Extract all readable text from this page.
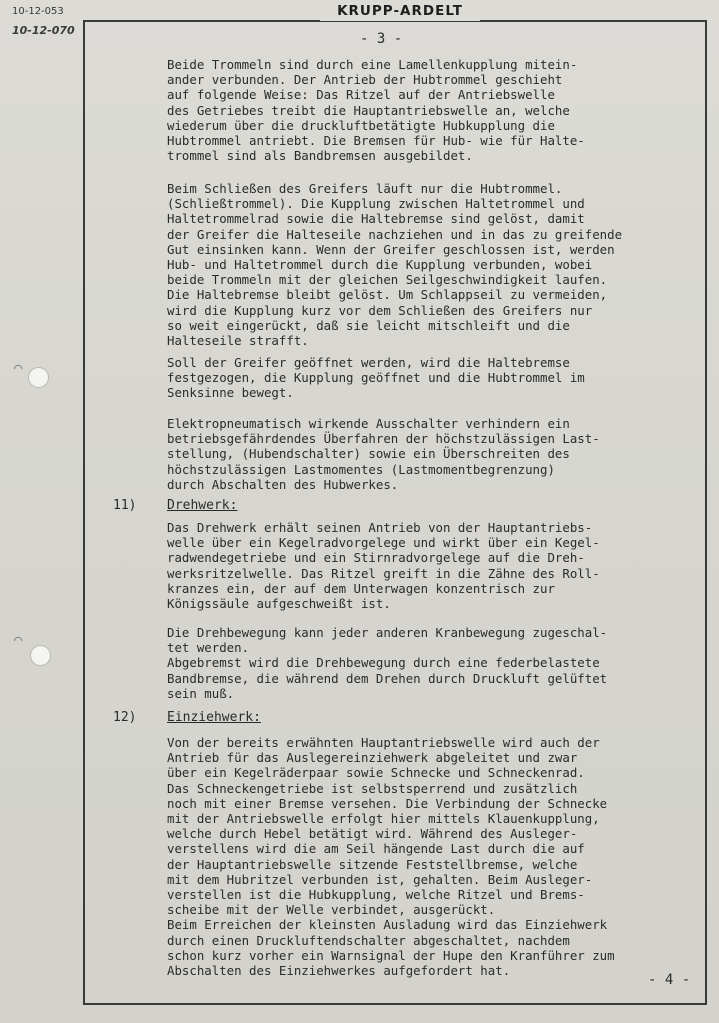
KRUPP-ARDELT
10-12-053
10-12-070
- 3 -
⌒
⌒
Beide Trommeln sind durch eine Lamellenkupplung mitein-
ander verbunden. Der Antrieb der Hubtrommel geschieht
auf folgende Weise: Das Ritzel auf der Antriebswelle
des Getriebes treibt die Hauptantriebswelle an, welche
wiederum über die druckluftbetätigte Hubkupplung die
Hubtrommel antriebt. Die Bremsen für Hub- wie für Halte-
trommel sind als Bandbremsen ausgebildet.
Beim Schließen des Greifers läuft nur die Hubtrommel.
(Schließtrommel). Die Kupplung zwischen Haltetrommel und
Haltetrommelrad sowie die Haltebremse sind gelöst, damit
der Greifer die Halteseile nachziehen und in das zu greifende
Gut einsinken kann. Wenn der Greifer geschlossen ist, werden
Hub- und Haltetrommel durch die Kupplung verbunden, wobei
beide Trommeln mit der gleichen Seilgeschwindigkeit laufen.
Die Haltebremse bleibt gelöst. Um Schlappseil zu vermeiden,
wird die Kupplung kurz vor dem Schließen des Greifers nur
so weit eingerückt, daß sie leicht mitschleift und die
Halteseile strafft.
Soll der Greifer geöffnet werden, wird die Haltebremse
festgezogen, die Kupplung geöffnet und die Hubtrommel im
Senksinne bewegt.
Elektropneumatisch wirkende Ausschalter verhindern ein
betriebsgefährdendes Überfahren der höchstzulässigen Last-
stellung, (Hubendschalter) sowie ein Überschreiten des
höchstzulässigen Lastmomentes (Lastmomentbegrenzung)
durch Abschalten des Hubwerkes.
11) Drehwerk:
Das Drehwerk erhält seinen Antrieb von der Hauptantriebs-
welle über ein Kegelradvorgelege und wirkt über ein Kegel-
radwendegetriebe und ein Stirnradvorgelege auf die Dreh-
werksritzelwelle. Das Ritzel greift in die Zähne des Roll-
kranzes ein, der auf dem Unterwagen konzentrisch zur
Königssäule aufgeschweißt ist.
Die Drehbewegung kann jeder anderen Kranbewegung zugeschal-
tet werden.
Abgebremst wird die Drehbewegung durch eine federbelastete
Bandbremse, die während dem Drehen durch Druckluft gelüftet
sein muß.
12) Einziehwerk:
Von der bereits erwähnten Hauptantriebswelle wird auch der
Antrieb für das Auslegereinziehwerk abgeleitet und zwar
über ein Kegelräderpaar sowie Schnecke und Schneckenrad.
Das Schneckengetriebe ist selbstsperrend und zusätzlich
noch mit einer Bremse versehen. Die Verbindung der Schnecke
mit der Antriebswelle erfolgt hier mittels Klauenkupplung,
welche durch Hebel betätigt wird. Während des Ausleger-
verstellens wird die am Seil hängende Last durch die auf
der Hauptantriebswelle sitzende Feststellbremse, welche
mit dem Hubritzel verbunden ist, gehalten. Beim Ausleger-
verstellen ist die Hubkupplung, welche Ritzel und Brems-
scheibe mit der Welle verbindet, ausgerückt.
Beim Erreichen der kleinsten Ausladung wird das Einziehwerk
durch einen Druckluftendschalter abgeschaltet, nachdem
schon kurz vorher ein Warnsignal der Hupe den Kranführer zum
Abschalten des Einziehwerkes aufgefordert hat.
- 4 -
